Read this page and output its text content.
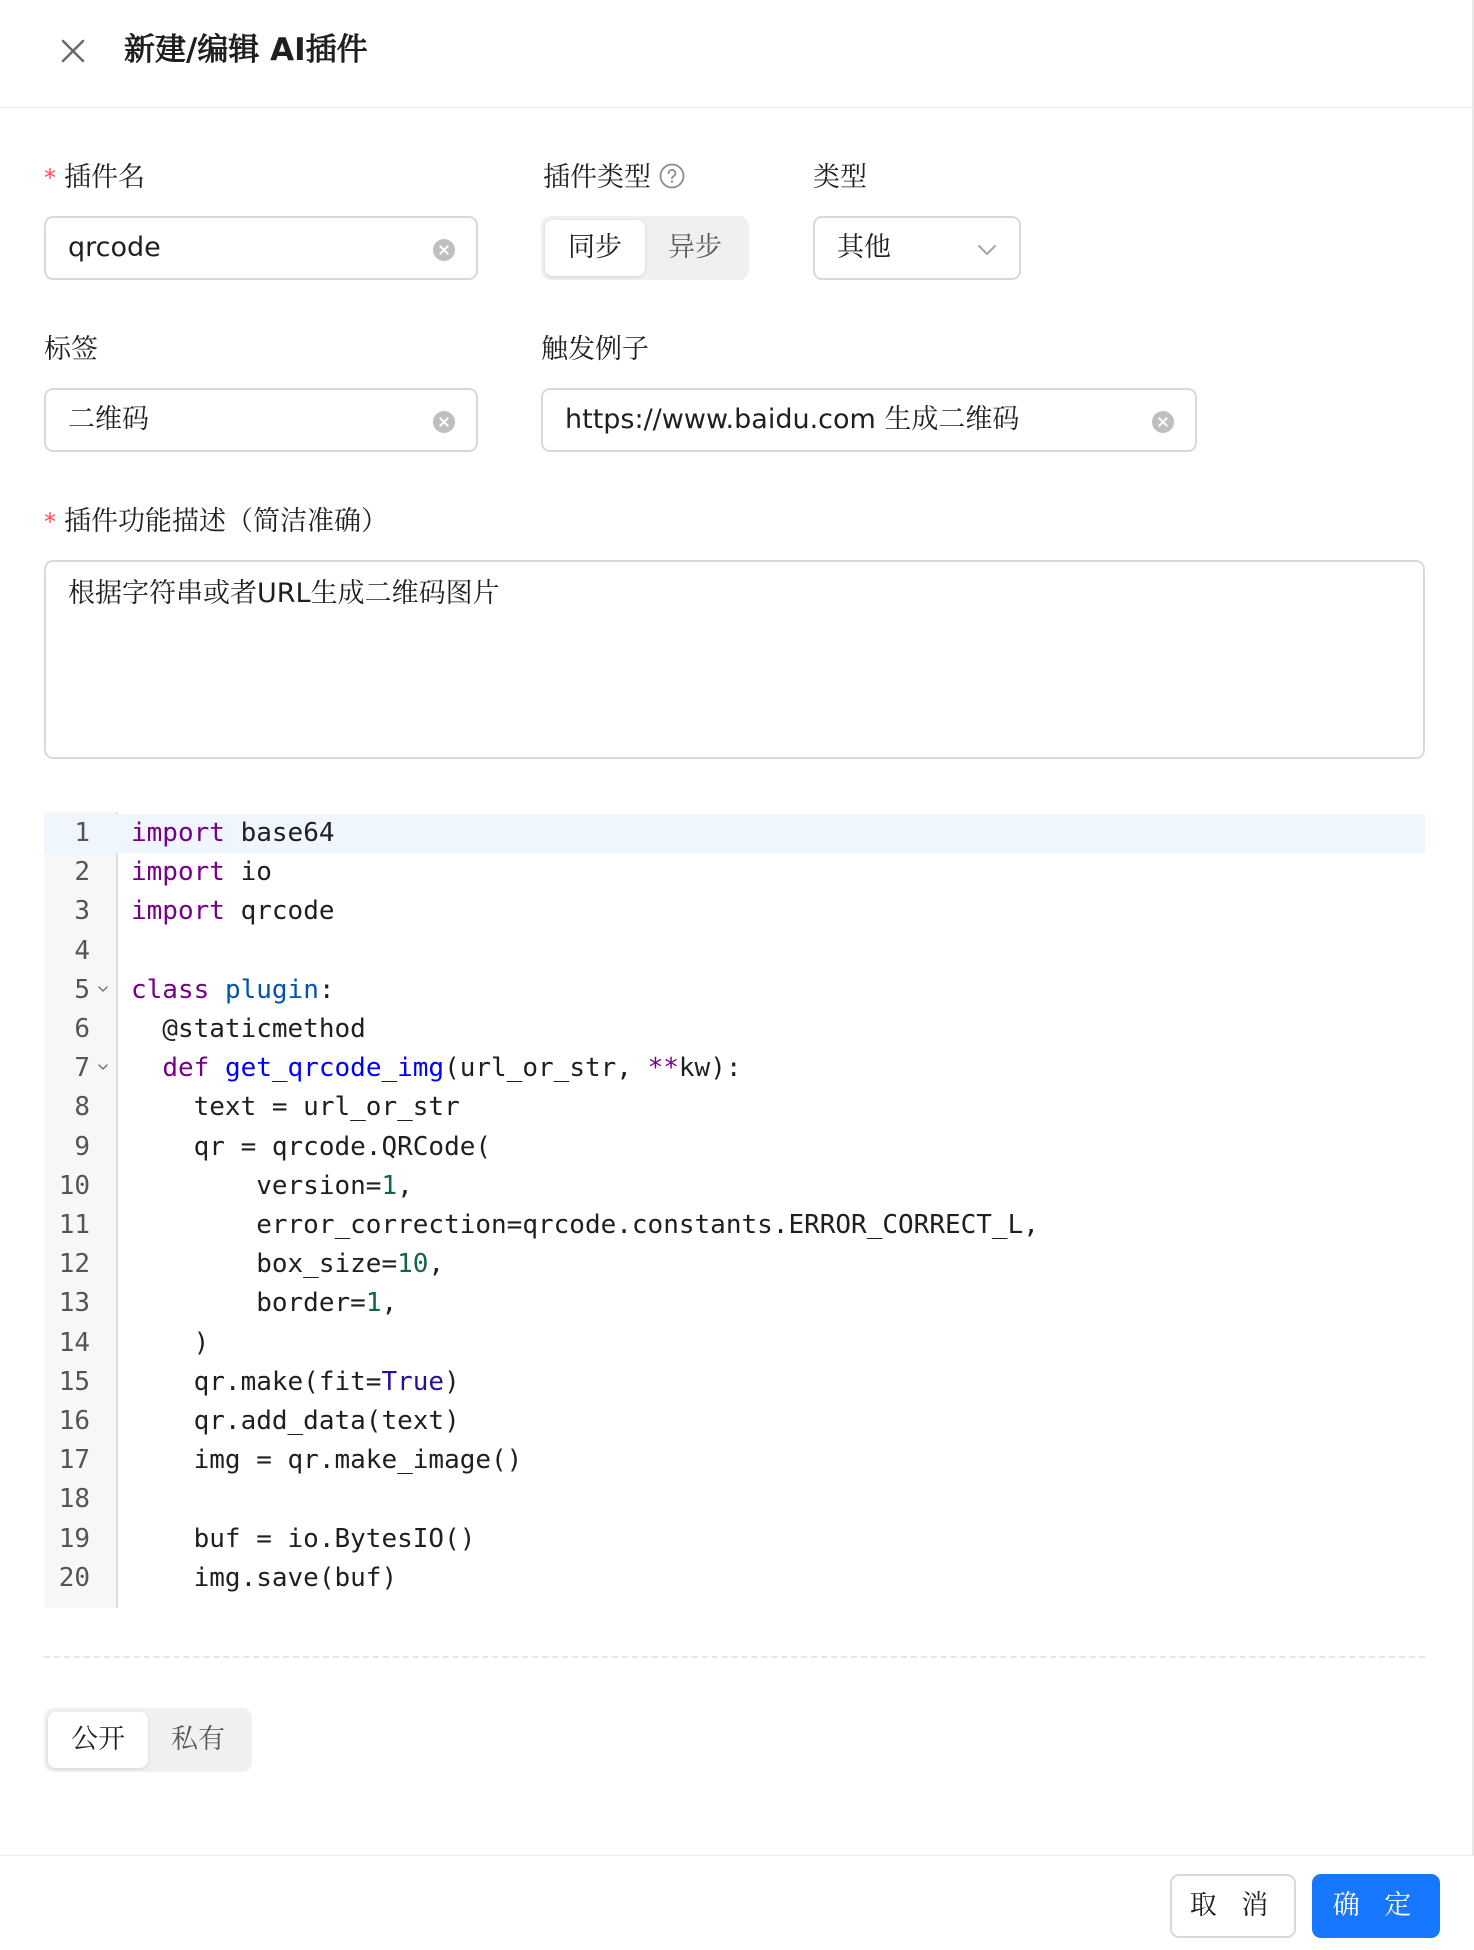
新建/编辑 AI插件
* 插件名	插件类型	类型
qrcode	同步	异步	其他
标签	触发例子
二维码	https://www.baidu.com 生成二维码
* 插件功能描述（简洁准确）
根据字符串或者URL生成二维码图片
1 import base64
2 import io
3 import qrcode
4
5 class plugin:
6 @staticmethod
7	def get_qrcode_img(url_or_str, **kw):
8 text = url_or_str
9 qr = qrcode.QRCode(
10 version=1,
11 error_correction=qrcode.constants.ERROR_CORRECT_L,
12 box_size=10,
13 border=1,
14 )
15 qr.make(fit=True)
16 qr.add_data(text)
17 img = qr.make_image()
18
19 buf = io.BytesIO()
20 img.save(buf)
公开	私有
取 消	确 定
